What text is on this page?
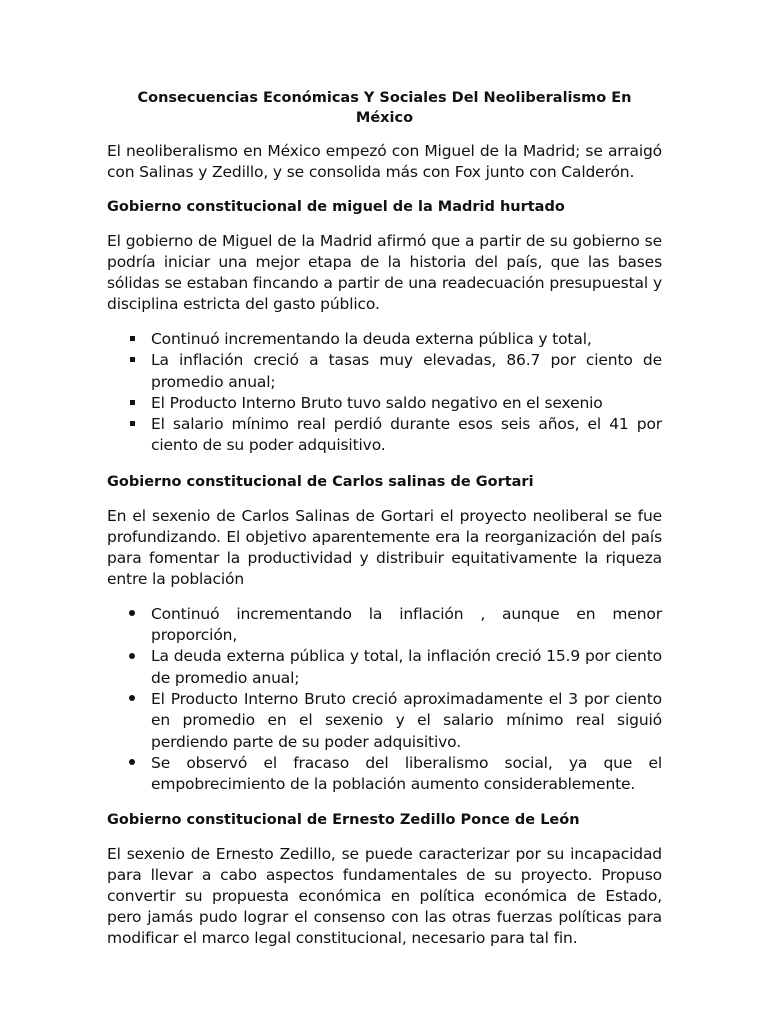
Consecuencias Económicas Y Sociales Del Neoliberalismo En México

El neoliberalismo en México empezó con Miguel de la Madrid; se arraigó con Salinas y Zedillo, y se consolida más con Fox junto con Calderón.

Gobierno constitucional de miguel de la Madrid hurtado

El gobierno de Miguel de la Madrid afirmó que a partir de su gobierno se podría iniciar una mejor etapa de la historia del país, que las bases sólidas se estaban fincando a partir de una readecuación presupuestal y disciplina estricta del gasto público.

Continuó incrementando la deuda externa pública y total,
La inflación creció a tasas muy elevadas, 86.7 por ciento de promedio anual;
El Producto Interno Bruto tuvo saldo negativo en el sexenio
El salario mínimo real perdió durante esos seis años, el 41 por ciento de su poder adquisitivo.
Gobierno constitucional de Carlos salinas de Gortari

En el sexenio de Carlos Salinas de Gortari el proyecto neoliberal se fue profundizando. El objetivo aparentemente era la reorganización del país para fomentar la productividad y distribuir equitativamente la riqueza entre la población

Continuó incrementando la inflación , aunque en menor proporción,
La deuda externa pública y total, la inflación creció 15.9 por ciento de promedio anual;
El Producto Interno Bruto creció aproximadamente el 3 por ciento en promedio en el sexenio y el salario mínimo real siguió perdiendo parte de su poder adquisitivo.
Se observó el fracaso del liberalismo social, ya que el empobrecimiento de la población aumento considerablemente.
Gobierno constitucional de Ernesto Zedillo Ponce de León

El sexenio de Ernesto Zedillo, se puede caracterizar por su incapacidad para llevar a cabo aspectos fundamentales de su proyecto. Propuso convertir su propuesta económica en política económica de Estado, pero jamás pudo lograr el consenso con las otras fuerzas políticas para modificar el marco legal constitucional, necesario para tal fin.
